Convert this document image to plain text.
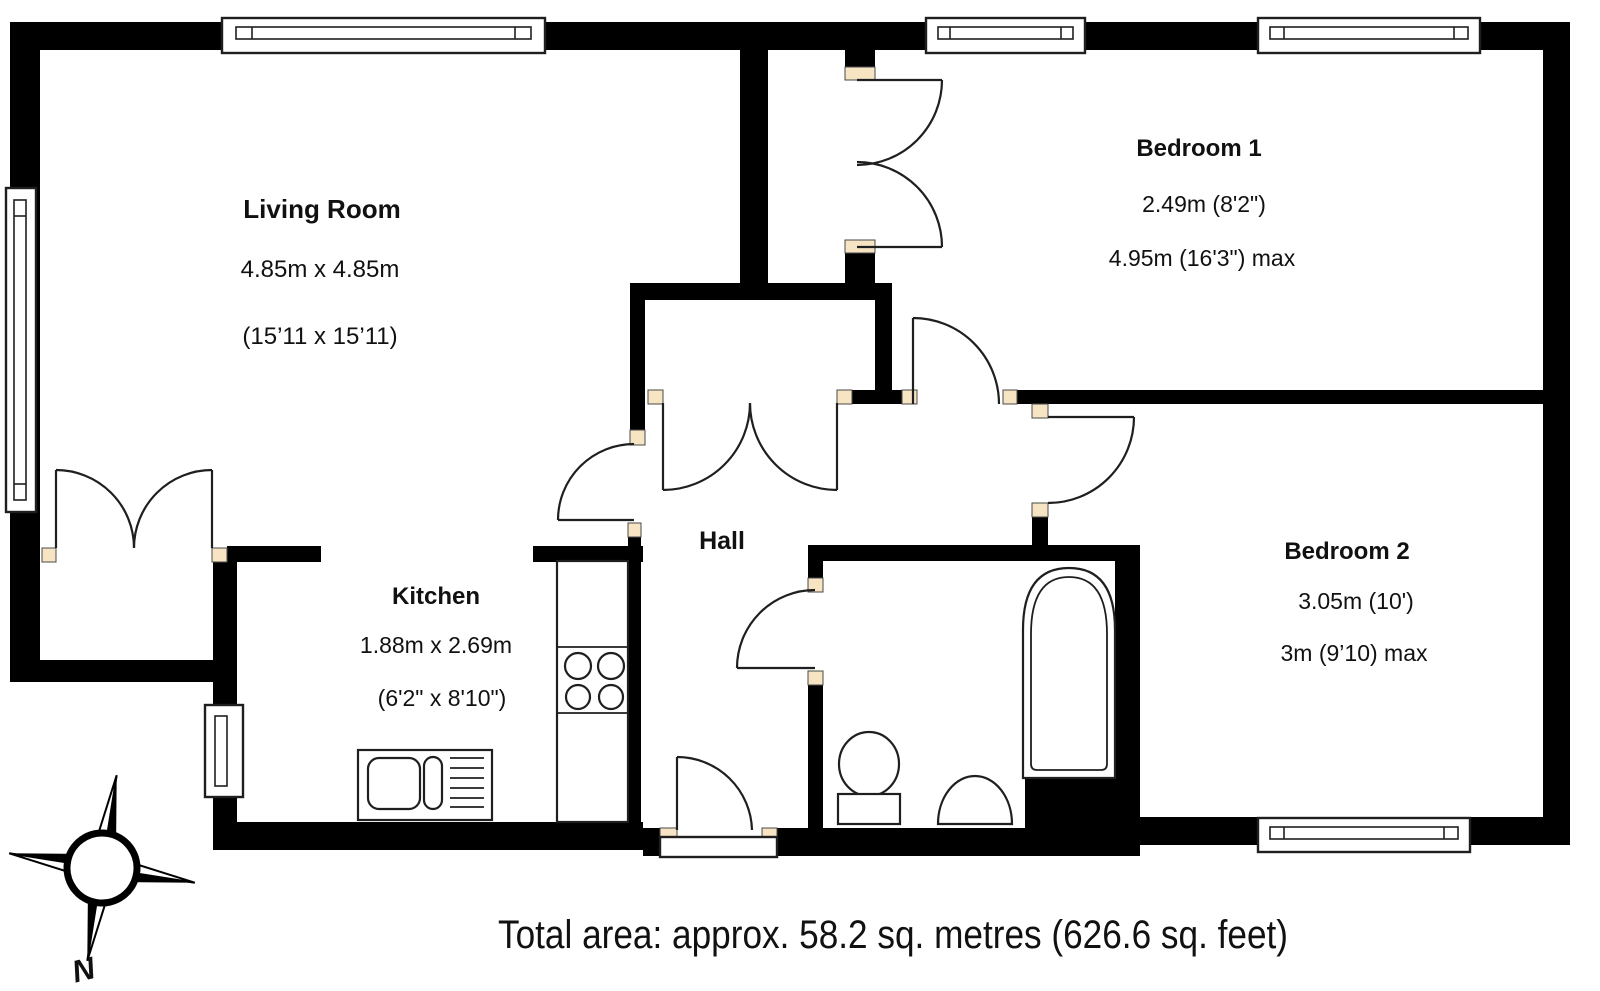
N
Living Room
4.85m x 4.85m
(15’11 x 15’11)
Kitchen
1.88m x 2.69m
(6'2" x 8'10")
Hall
Bedroom 1
2.49m (8'2")
4.95m (16'3") max
Bedroom 2
3.05m (10')
3m (9’10) max
Total area: approx. 58.2 sq. metres (626.6 sq. feet)
